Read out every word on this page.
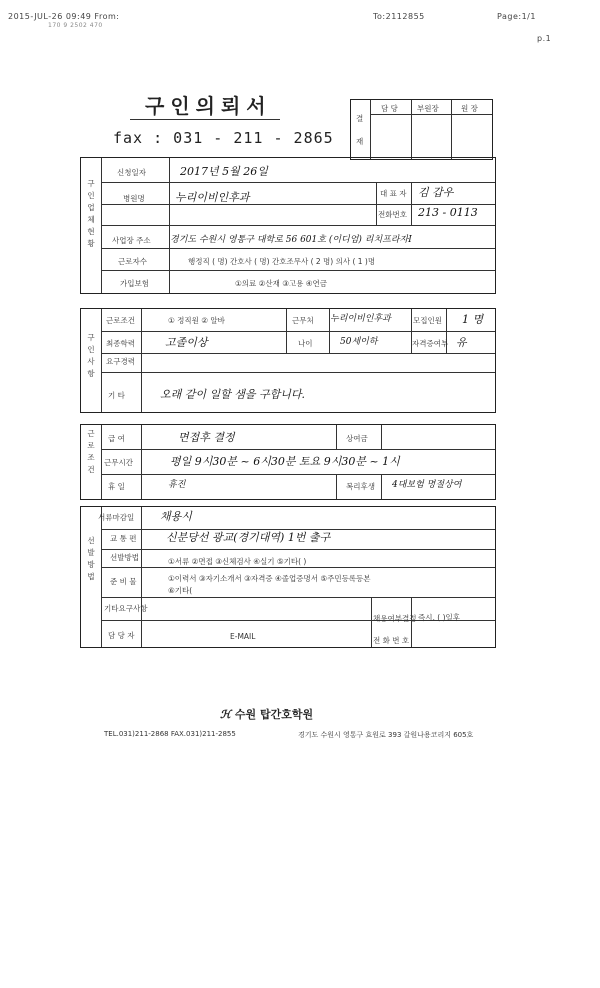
2015-JUL-26 09:49 From:
170 9 2502 470
To:2112855	Page:1/1
p.1
구인의뢰서
fax : 031 - 211 - 2865
결
재
담 당	부원장	원 장
구인업체현황
신청일자	2017년 5월 26일
병원명	누리이비인후과	대 표 자 김 갑우
전화번호 213 - 0113
사업장 주소 경기도 수원시 영통구 대학로 56 601호 (이디엄) 리치프라자Ⅰ
근로자수	행정직 ( 명) 간호사 ( 명) 간호조무사 ( 2 명) 의사 ( 1 )명
가입보험	①의료 ②산재 ③고용 ④연금
구인사항
근로조건	① 정직원 ② 알바	근무처 누리이비인후과	모집인원 1 명
최종학력	고졸이상	나이	50세이하	자격증여부 유
요구경력
기 타	오래 같이 일할 샘을 구합니다.
근로조건
급 여	면접후 결정	상여금
근무시간	평일 9시30분 ~ 6시30분 토요 9시30분 ~ 1시
휴 일	휴진	복리후생 4대보험 명절상여
선발방법
서류마감일 채용시
교 통 편	신분당선 광교(경기대역) 1번 출구
선발방법	①서류 ②면접 ③신체검사 ④실기 ⑤기타( )
준 비 물	①이력서 ③자기소개서 ③자격증 ④졸업증명서 ⑤주민등록등본
⑥기타(
기타요구사항
채용여부결정 즉시, ( )일후
담 당 자	E-MAIL	전 화 번 호
ℋ 수원 탑간호학원
TEL.031)211-2868 FAX.031)211-2855	경기도 수원시 영통구 효원로 393 갈원나용코리지 605호
